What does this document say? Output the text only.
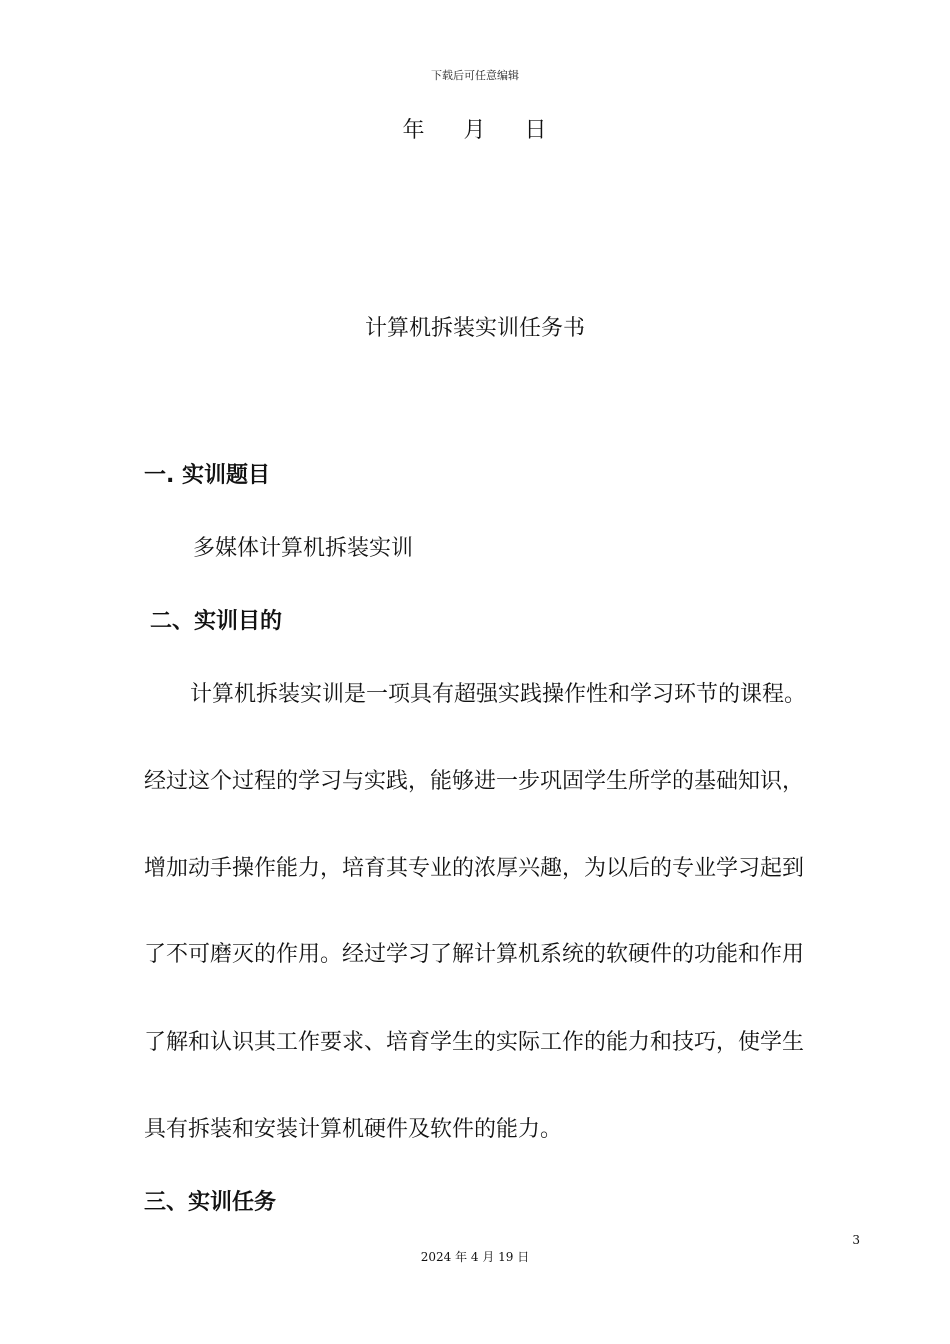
下载后可任意编辑
年 月 日
计算机拆装实训任务书
一. 实训题目
多媒体计算机拆装实训
二、实训目的
计算机拆装实训是一项具有超强实践操作性和学习环节的课程。
经过这个过程的学习与实践，能够进一步巩固学生所学的基础知识，
增加动手操作能力，培育其专业的浓厚兴趣，为以后的专业学习起到
了不可磨灭的作用。经过学习了解计算机系统的软硬件的功能和作用
了解和认识其工作要求、培育学生的实际工作的能力和技巧，使学生
具有拆装和安装计算机硬件及软件的能力。
三、实训任务
3
2024 年 4 月 19 日
